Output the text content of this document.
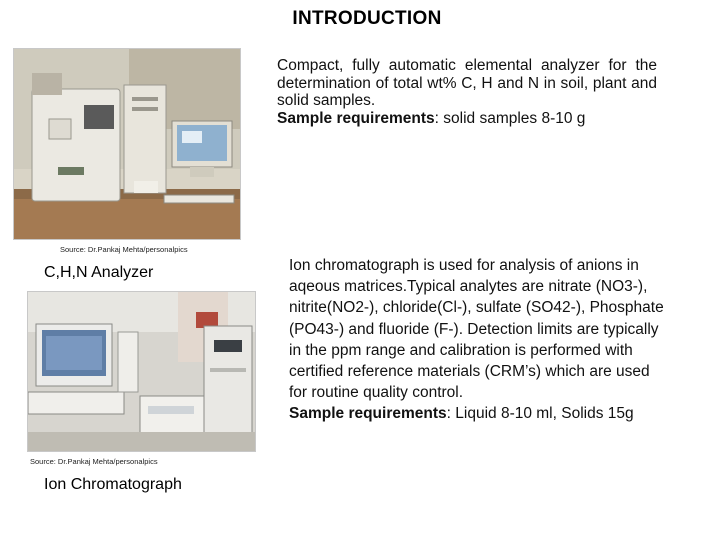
INTRODUCTION
Source: Dr.Pankaj Mehta/personalpics
C,H,N Analyzer
Source: Dr.Pankaj Mehta/personalpics
Ion Chromatograph

Compact, fully automatic elemental analyzer for the determination of total wt% C, H and N in soil, plant and solid samples.

Sample requirements: solid samples 8-10 g

Ion chromatograph is used for analysis of anions in aqeous matrices.Typical analytes are nitrate (NO3-), nitrite(NO2-), chloride(Cl-), sulfate (SO42-), Phosphate (PO43-) and fluoride (F-). Detection limits are typically in the ppm range and calibration is performed with certified reference materials (CRM’s) which are used for routine quality control.

Sample requirements: Liquid 8-10 ml, Solids 15g
